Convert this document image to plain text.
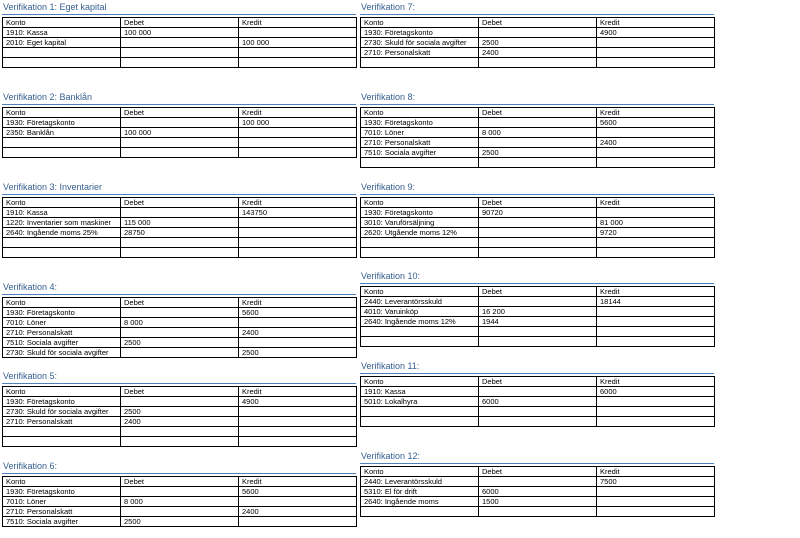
Verifikation 1: Eget kapital
Konto	Debet	Kredit
1910: Kassa	100 000	
2010: Eget kapital		100 000

Verifikation 2: Banklån
Konto	Debet	Kredit
1930: Företagskonto		100 000
2350: Banklån	100 000	

Verifikation 3: Inventarier
Konto	Debet	Kredit
1910: Kassa		143750
1220: Inventarier som maskiner	115 000	
2640: Ingående moms 25%	28750	

Verifikation 4:
Konto	Debet	Kredit
1930: Företagskonto		5600
7010: Löner	8 000	
2710: Personalskatt		2400
7510: Sociala avgifter	2500	
2730: Skuld för sociala avgifter		2500
Verifikation 5:
Konto	Debet	Kredit
1930: Företagskonto		4900
2730: Skuld för sociala avgifter	2500	
2710: Personalskatt	2400	

Verifikation 6:
Konto	Debet	Kredit
1930: Företagskonto		5600
7010: Löner	8 000	
2710: Personalskatt		2400
7510: Sociala avgifter	2500	
Verifikation 7:
Konto	Debet	Kredit
1930: Företagskonto		4900
2730: Skuld för sociala avgifter	2500	
2710: Personalskatt	2400	

Verifikation 8:
Konto	Debet	Kredit
1930: Företagskonto		5600
7010: Löner	8 000	
2710: Personalskatt		2400
7510: Sociala avgifter	2500	

Verifikation 9:
Konto	Debet	Kredit
1930: Företagskonto	90720	
3010: Varuförsäljning		81 000
2620: Utgående moms 12%		9720

Verifikation 10:
Konto	Debet	Kredit
2440: Leverantörsskuld		18144
4010: Varuinköp	16 200	
2640: Ingående moms 12%	1944	

Verifikation 11:
Konto	Debet	Kredit
1910: Kassa		6000
5010: Lokalhyra	6000	

Verifikation 12:
Konto	Debet	Kredit
2440: Leverantörsskuld		7500
5310: El för drift	6000	
2640: Ingående moms	1500	
